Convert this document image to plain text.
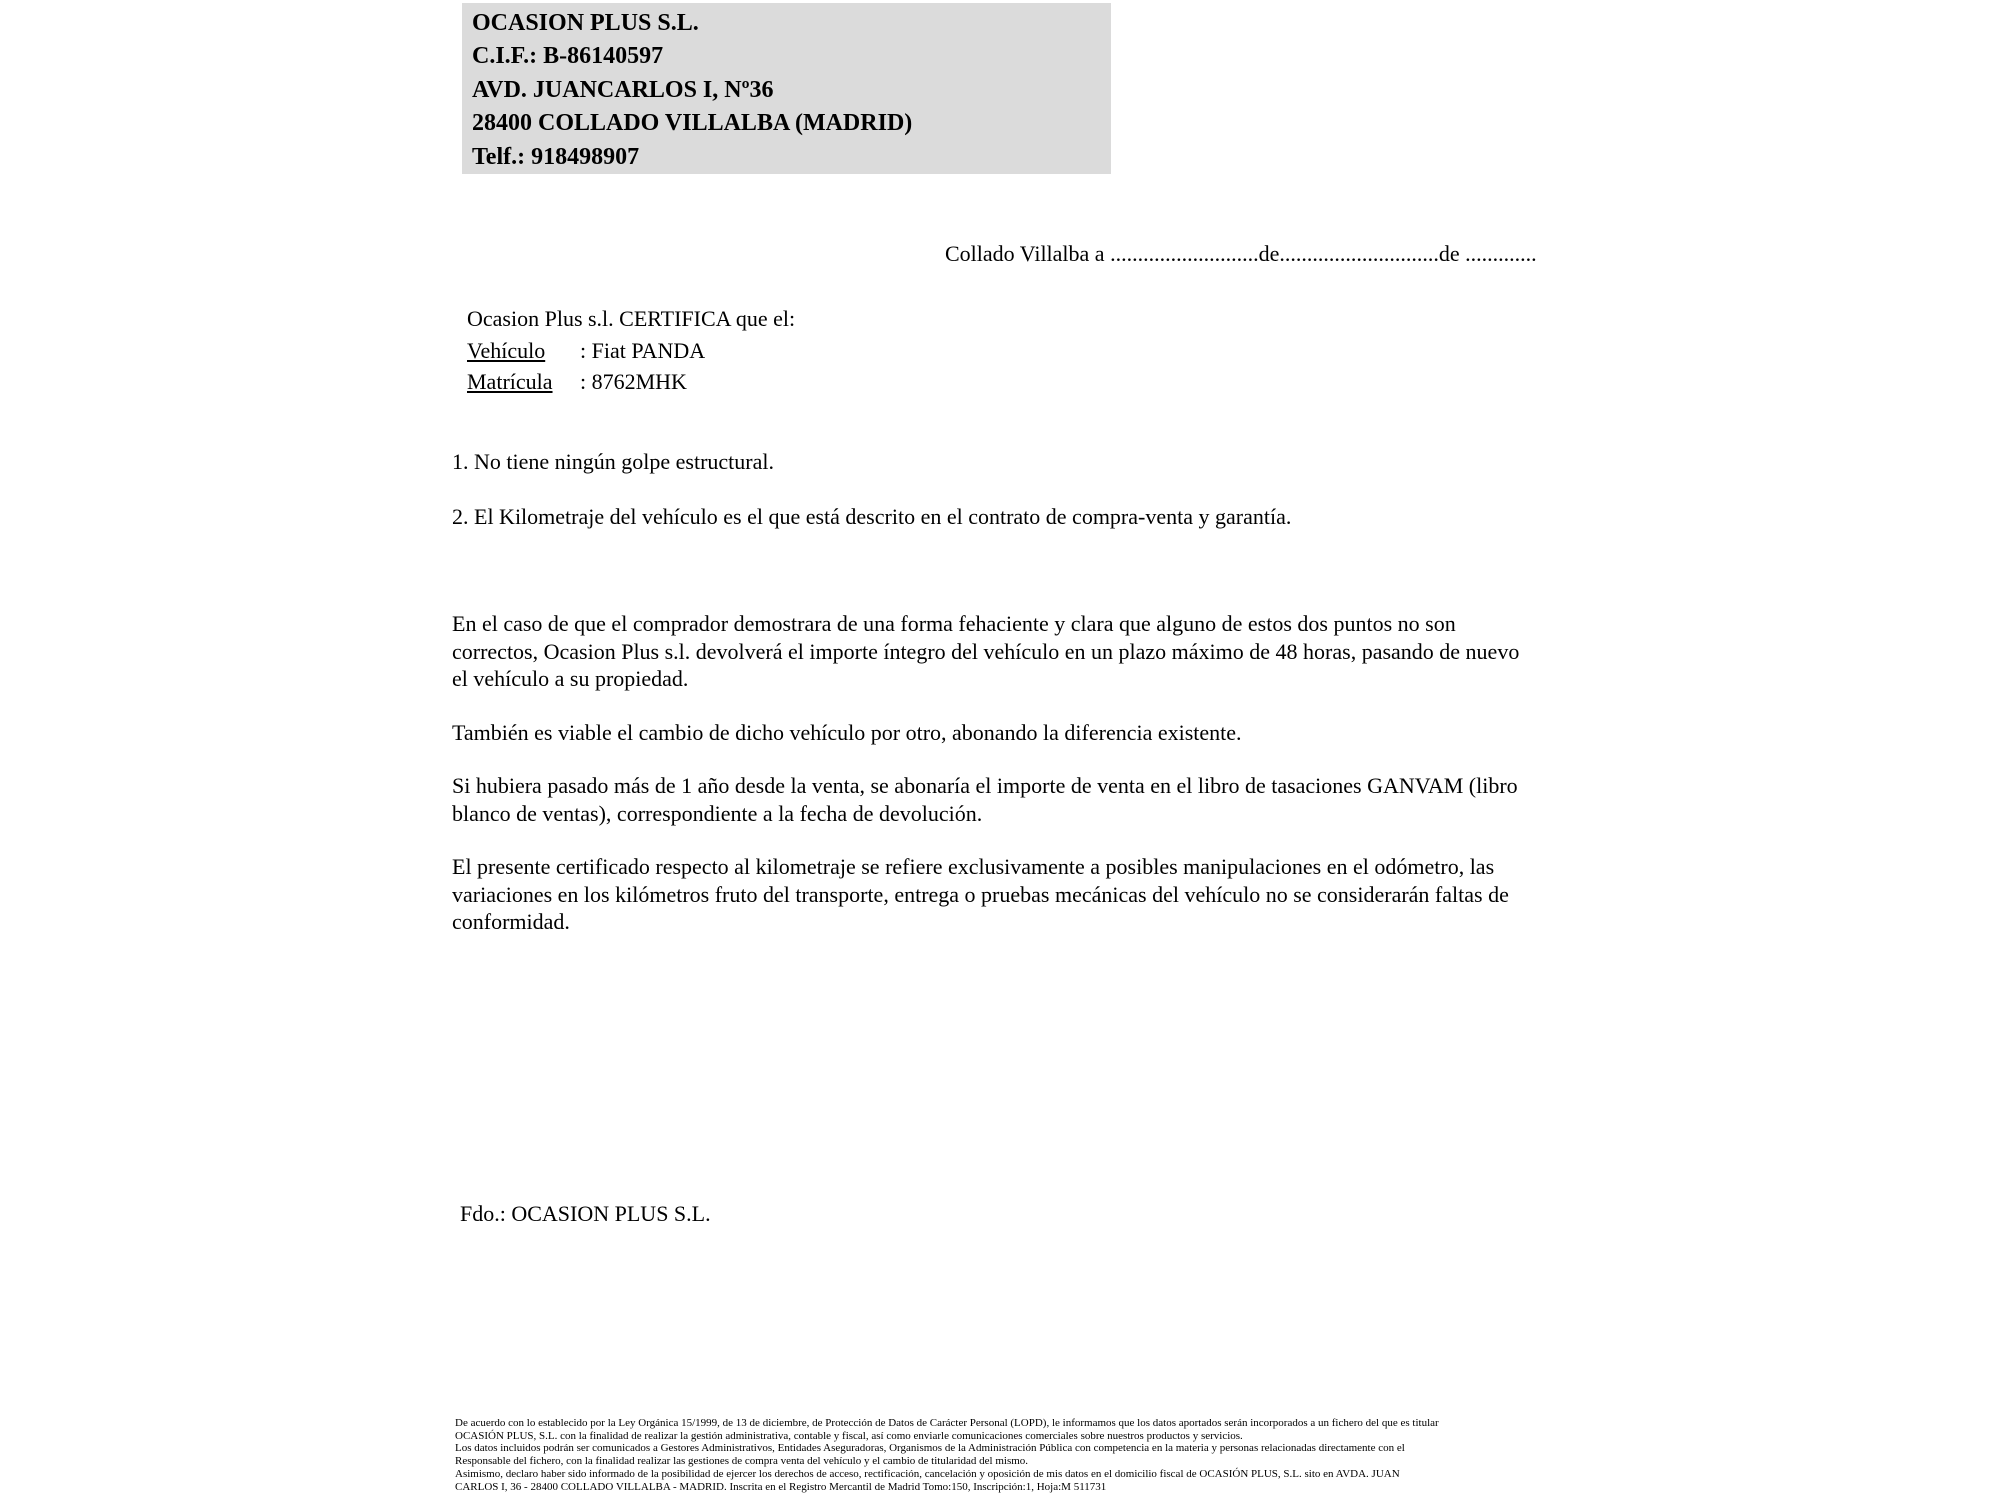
OCASION PLUS S.L.
C.I.F.: B-86140597
AVD. JUANCARLOS I, Nº36
28400 COLLADO VILLALBA (MADRID)
Telf.: 918498907
Collado Villalba a ...........................de.............................de .............
Ocasion Plus s.l. CERTIFICA que el:
Vehículo : Fiat PANDA
Matrícula : 8762MHK
1. No tiene ningún golpe estructural.
2. El Kilometraje del vehículo es el que está descrito en el contrato de compra-venta y garantía.

En el caso de que el comprador demostrara de una forma fehaciente y clara que alguno de estos dos puntos no son correctos, Ocasion Plus s.l. devolverá el importe íntegro del vehículo en un plazo máximo de 48 horas, pasando de nuevo el vehículo a su propiedad.

También es viable el cambio de dicho vehículo por otro, abonando la diferencia existente.

Si hubiera pasado más de 1 año desde la venta, se abonaría el importe de venta en el libro de tasaciones GANVAM (libro blanco de ventas), correspondiente a la fecha de devolución.

El presente certificado respecto al kilometraje se refiere exclusivamente a posibles manipulaciones en el odómetro, las variaciones en los kilómetros fruto del transporte, entrega o pruebas mecánicas del vehículo no se considerarán faltas de conformidad.

Fdo.: OCASION PLUS S.L.
De acuerdo con lo establecido por la Ley Orgánica 15/1999, de 13 de diciembre, de Protección de Datos de Carácter Personal (LOPD), le informamos que los datos aportados serán incorporados a un fichero del que es titular
OCASIÓN PLUS, S.L. con la finalidad de realizar la gestión administrativa, contable y fiscal, así como enviarle comunicaciones comerciales sobre nuestros productos y servicios.
Los datos incluidos podrán ser comunicados a Gestores Administrativos, Entidades Aseguradoras, Organismos de la Administración Pública con competencia en la materia y personas relacionadas directamente con el
Responsable del fichero, con la finalidad realizar las gestiones de compra venta del vehículo y el cambio de titularidad del mismo.
Asimismo, declaro haber sido informado de la posibilidad de ejercer los derechos de acceso, rectificación, cancelación y oposición de mis datos en el domicilio fiscal de OCASIÓN PLUS, S.L. sito en AVDA. JUAN
CARLOS I, 36 - 28400 COLLADO VILLALBA - MADRID. Inscrita en el Registro Mercantil de Madrid Tomo:150, Inscripción:1, Hoja:M 511731
